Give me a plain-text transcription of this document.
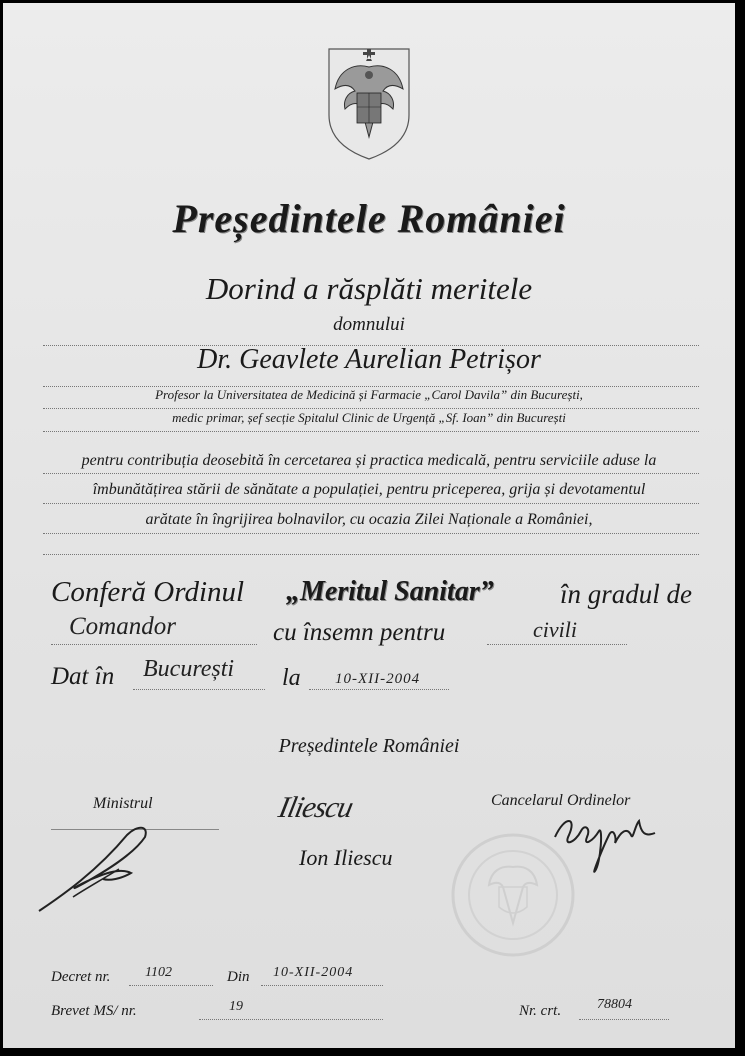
Președintele României
Dorind a răsplăti meritele
domnului
Dr. Geavlete Aurelian Petrișor
Profesor la Universitatea de Medicină și Farmacie „Carol Davila” din București,
medic primar, șef secție Spitalul Clinic de Urgență „Sf. Ioan” din București
pentru contribuția deosebită în cercetarea și practica medicală, pentru serviciile aduse la
îmbunătățirea stării de sănătate a populației, pentru priceperea, grija și devotamentul
arătate în îngrijirea bolnavilor, cu ocazia Zilei Naționale a României,
Conferă Ordinul „Meritul Sanitar” în gradul de
Comandor	cu însemn pentru	civili
Dat în București la 10-XII-2004
Președintele României
Ministrul	Cancelarul Ordinelor
Iliescu
Ion Iliescu
Decret nr. 1102	Din 10-XII-2004
Brevet MS/ nr.	19	Nr. crt.	78804
